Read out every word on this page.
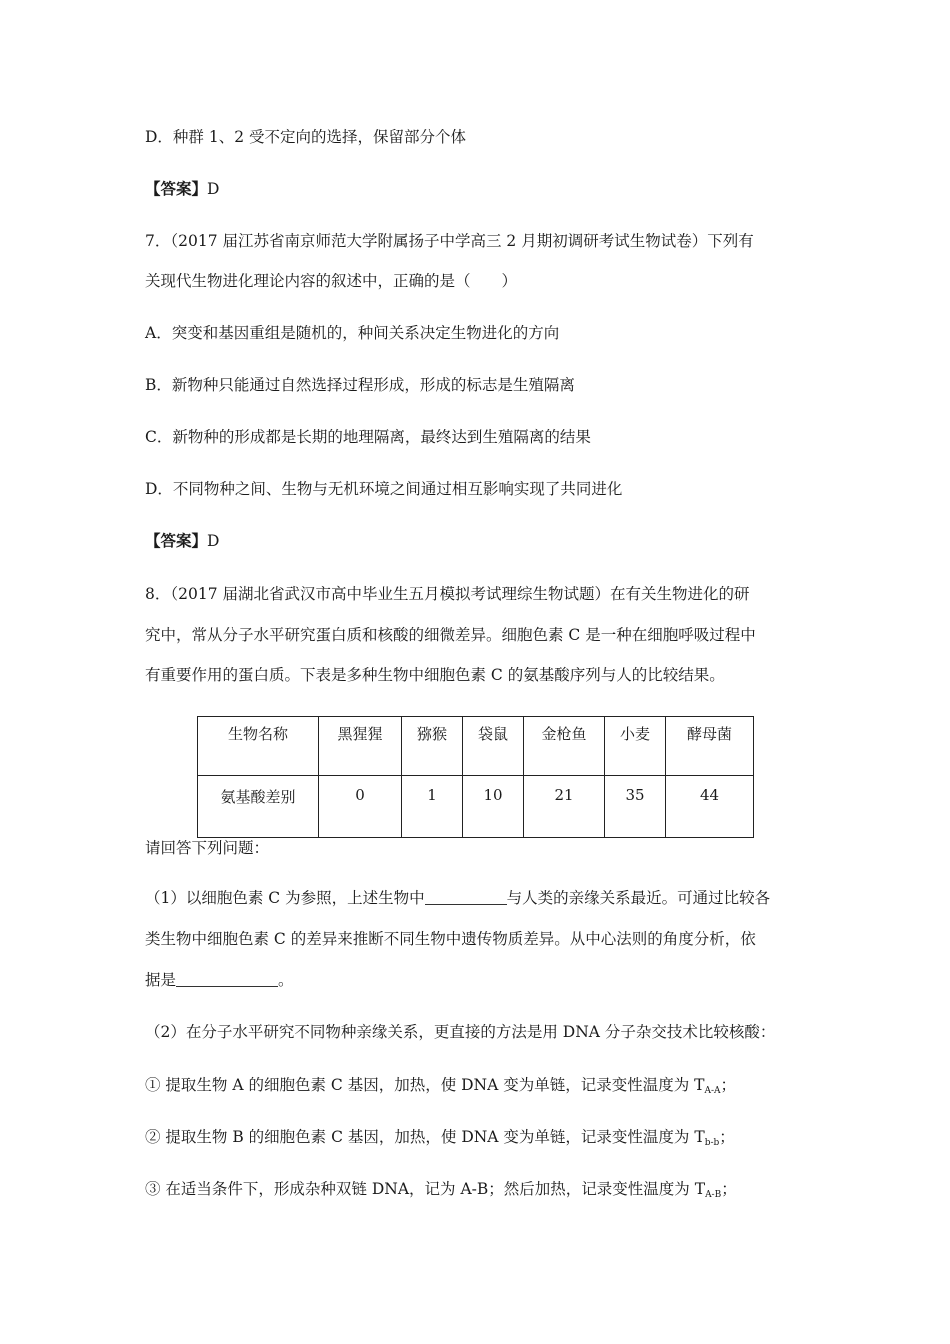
D．种群 1、2 受不定向的选择，保留部分个体
【答案】D
7．（2017 届江苏省南京师范大学附属扬子中学高三 2 月期初调研考试生物试卷）下列有
关现代生物进化理论内容的叙述中，正确的是（　　）
A．突变和基因重组是随机的，种间关系决定生物进化的方向
B．新物种只能通过自然选择过程形成，形成的标志是生殖隔离
C．新物种的形成都是长期的地理隔离，最终达到生殖隔离的结果
D．不同物种之间、生物与无机环境之间通过相互影响实现了共同进化
【答案】D
8．（2017 届湖北省武汉市高中毕业生五月模拟考试理综生物试题）在有关生物进化的研
究中，常从分子水平研究蛋白质和核酸的细微差异。细胞色素 C 是一种在细胞呼吸过程中
有重要作用的蛋白质。下表是多种生物中细胞色素 C 的氨基酸序列与人的比较结果。
生物名称	黑猩猩	猕猴	袋鼠	金枪鱼	小麦	酵母菌
氨基酸差别	0	1	10	21	35	44
请回答下列问题：
（1）以细胞色素 C 为参照，上述生物中	与人类的亲缘关系最近。可通过比较各
类生物中细胞色素 C 的差异来推断不同生物中遗传物质差异。从中心法则的角度分析，依
据是	。
（2）在分子水平研究不同物种亲缘关系，更直接的方法是用 DNA 分子杂交技术比较核酸：
① 提取生物 A 的细胞色素 C 基因，加热，使 DNA 变为单链，记录变性温度为 $T_{A-A}$；
② 提取生物 B 的细胞色素 C 基因，加热，使 DNA 变为单链，记录变性温度为 $T_{b-b}$；
③ 在适当条件下，形成杂种双链 DNA，记为 A-B；然后加热，记录变性温度为 $T_{A-B}$；
